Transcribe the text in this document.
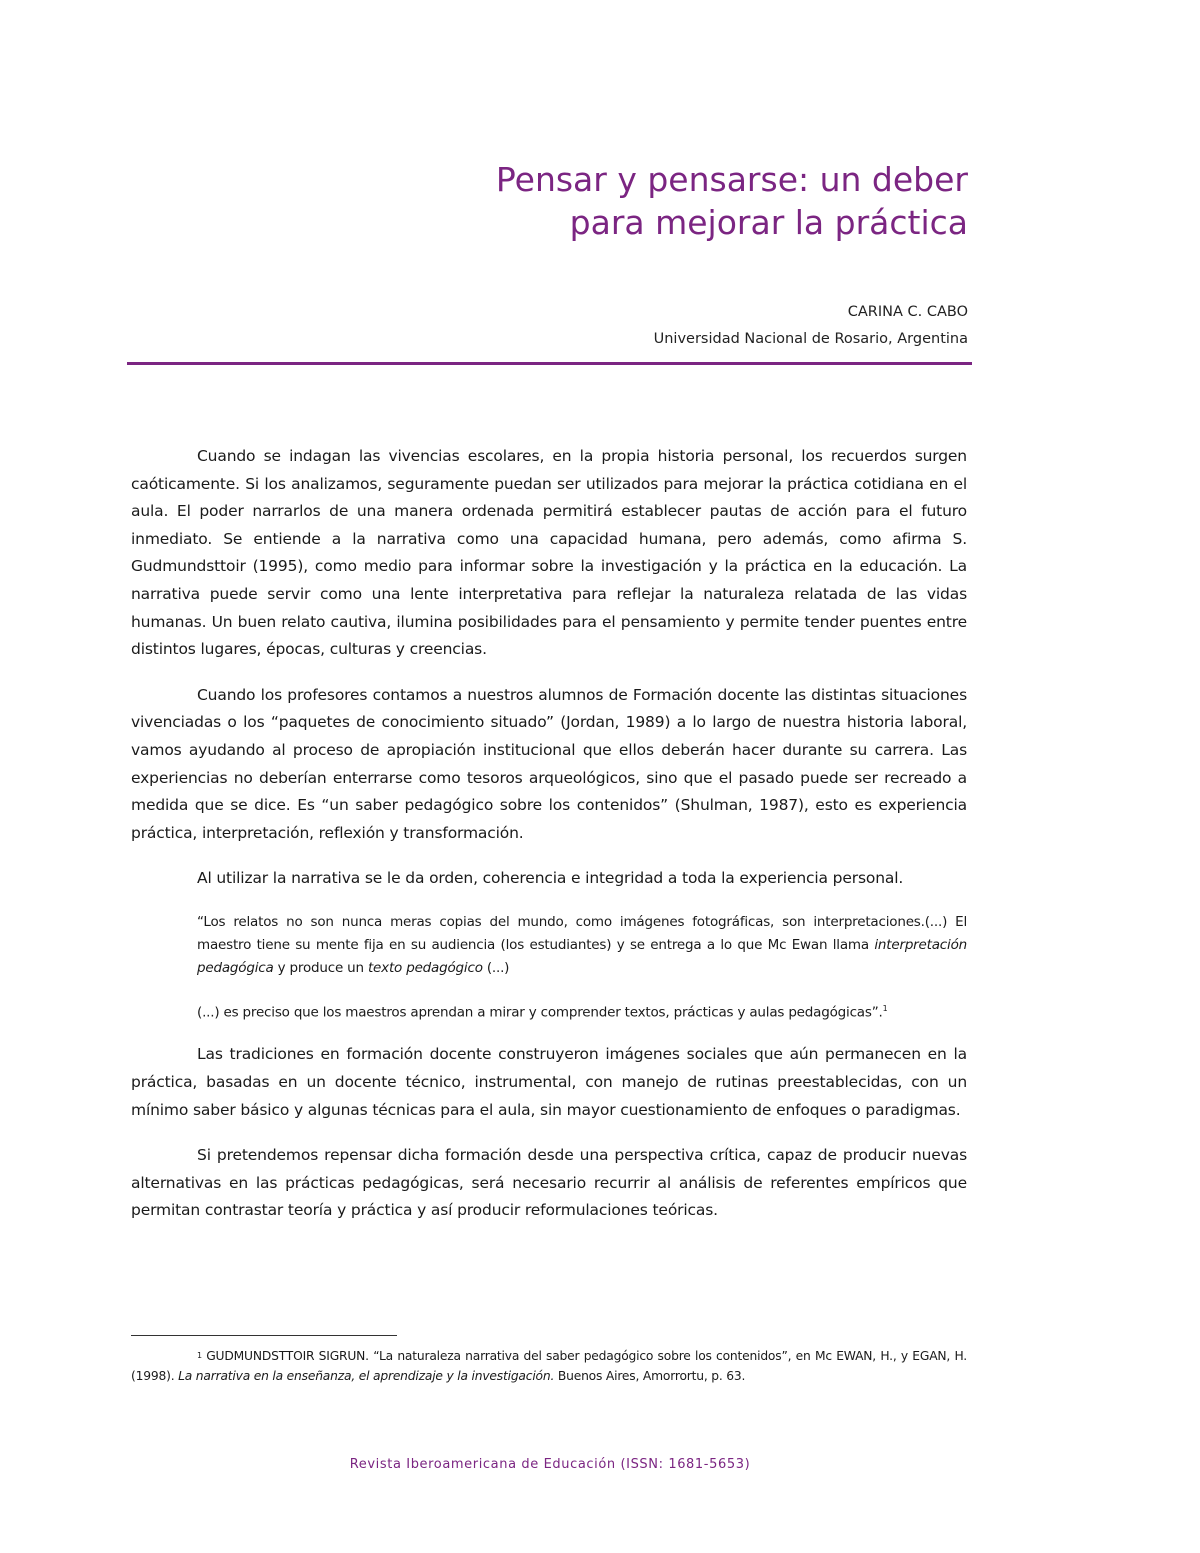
Pensar y pensarse: un deber
para mejorar la práctica
CARINA C. CABO
Universidad Nacional de Rosario, Argentina

Cuando se indagan las vivencias escolares, en la propia historia personal, los recuerdos surgen caóticamente. Si los analizamos, seguramente puedan ser utilizados para mejorar la práctica cotidiana en el aula. El poder narrarlos de una manera ordenada permitirá establecer pautas de acción para el futuro inmediato. Se entiende a la narrativa como una capacidad humana, pero además, como afirma S. Gudmundsttoir (1995), como medio para informar sobre la investigación y la práctica en la educación. La narrativa puede servir como una lente interpretativa para reflejar la naturaleza relatada de las vidas humanas. Un buen relato cautiva, ilumina posibilidades para el pensamiento y permite tender puentes entre distintos lugares, épocas, culturas y creencias.

Cuando los profesores contamos a nuestros alumnos de Formación docente las distintas situaciones vivenciadas o los “paquetes de conocimiento situado” (Jordan, 1989) a lo largo de nuestra historia laboral, vamos ayudando al proceso de apropiación institucional que ellos deberán hacer durante su carrera. Las experiencias no deberían enterrarse como tesoros arqueológicos, sino que el pasado puede ser recreado a medida que se dice. Es “un saber pedagógico sobre los contenidos” (Shulman, 1987), esto es experiencia práctica, interpretación, reflexión y transformación.

Al utilizar la narrativa se le da orden, coherencia e integridad a toda la experiencia personal.

“Los relatos no son nunca meras copias del mundo, como imágenes fotográficas, son interpretaciones.(...) El maestro tiene su mente fija en su audiencia (los estudiantes) y se entrega a lo que Mc Ewan llama interpretación pedagógica y produce un texto pedagógico (...)

(...) es preciso que los maestros aprendan a mirar y comprender textos, prácticas y aulas pedagógicas”.$^1$

Las tradiciones en formación docente construyeron imágenes sociales que aún permanecen en la práctica, basadas en un docente técnico, instrumental, con manejo de rutinas preestablecidas, con un mínimo saber básico y algunas técnicas para el aula, sin mayor cuestionamiento de enfoques o paradigmas.

Si pretendemos repensar dicha formación desde una perspectiva crítica, capaz de producir nuevas alternativas en las prácticas pedagógicas, será necesario recurrir al análisis de referentes empíricos que permitan contrastar teoría y práctica y así producir reformulaciones teóricas.

$^1$ GUDMUNDSTTOIR SIGRUN. “La naturaleza narrativa del saber pedagógico sobre los contenidos”, en Mc EWAN, H., y EGAN, H. (1998). La narrativa en la enseñanza, el aprendizaje y la investigación. Buenos Aires, Amorrortu, p. 63.
Revista Iberoamericana de Educación (ISSN: 1681-5653)
